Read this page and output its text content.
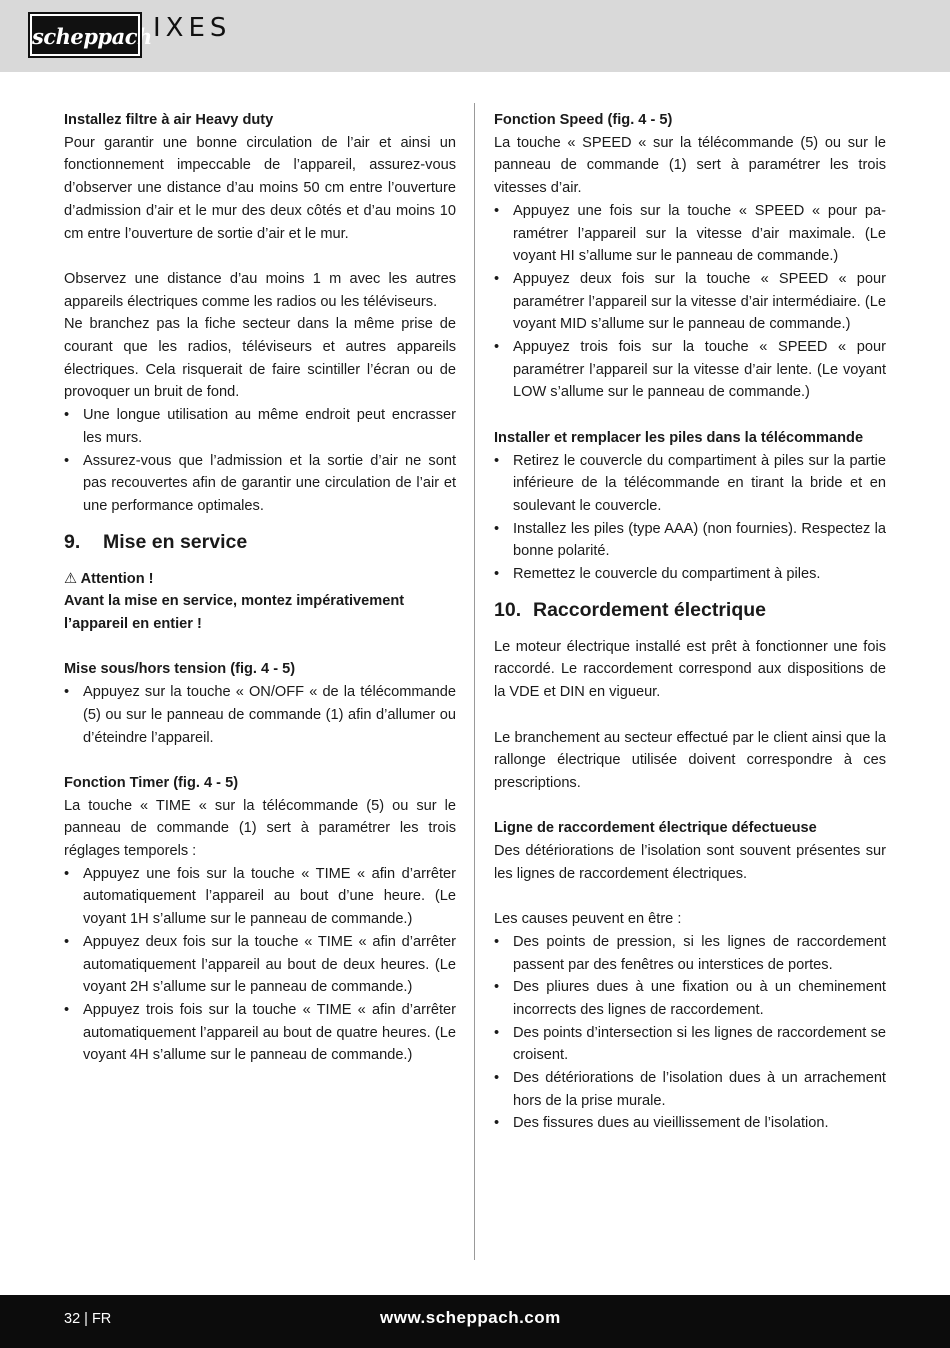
scheppach IXES

Installez filtre à air Heavy duty

Pour garantir une bonne circulation de l’air et ainsi un fonctionnement impeccable de l’appareil, assurez-vous d’observer une distance d’au moins 50 cm entre l’ouverture d’admission d’air et le mur des deux côtés et d’au moins 10 cm entre l’ouverture de sortie d’air et le mur.

Observez une distance d’au moins 1 m avec les autres appareils électriques comme les radios ou les téléviseurs.

Ne branchez pas la fiche secteur dans la même prise de courant que les radios, téléviseurs et autres appareils électriques. Cela risquerait de faire scintiller l’écran ou de provoquer un bruit de fond.

• Une longue utilisation au même endroit peut encrasser les murs.
• Assurez-vous que l’admission et la sortie d’air ne sont pas recouvertes afin de garantir une circulation de l’air et une performance optimales.
9. Mise en service

⚠ Attention !

Avant la mise en service, montez impérativement l’appareil en entier !

Mise sous/hors tension (fig. 4 - 5)

• Appuyez sur la touche « ON/OFF « de la télécommande (5) ou sur le panneau de commande (1) afin d’allumer ou d’éteindre l’appareil.

Fonction Timer (fig. 4 - 5)

La touche « TIME « sur la télécommande (5) ou sur le panneau de commande (1) sert à paramétrer les trois réglages temporels :

• Appuyez une fois sur la touche « TIME « afin d’arrêter automatiquement l’appareil au bout d’une heure. (Le voyant 1H s’allume sur le panneau de commande.)
• Appuyez deux fois sur la touche « TIME « afin d’arrêter automatiquement l’appareil au bout de deux heures. (Le voyant 2H s’allume sur le panneau de commande.)
• Appuyez trois fois sur la touche « TIME « afin d’arrêter automatiquement l’appareil au bout de quatre heures. (Le voyant 4H s’allume sur le panneau de commande.)

Fonction Speed (fig. 4 - 5)

La touche « SPEED « sur la télécommande (5) ou sur le panneau de commande (1) sert à paramétrer les trois vitesses d’air.

• Appuyez une fois sur la touche « SPEED « pour paramétrer l’appareil sur la vitesse d’air maximale. (Le voyant HI s’allume sur le panneau de commande.)
• Appuyez deux fois sur la touche « SPEED « pour paramétrer l’appareil sur la vitesse d’air intermédiaire. (Le voyant MID s’allume sur le panneau de commande.)
• Appuyez trois fois sur la touche « SPEED « pour paramétrer l’appareil sur la vitesse d’air lente. (Le voyant LOW s’allume sur le panneau de commande.)

Installer et remplacer les piles dans la télécommande

• Retirez le couvercle du compartiment à piles sur la partie inférieure de la télécommande en tirant la bride et en soulevant le couvercle.
• Installez les piles (type AAA) (non fournies). Respectez la bonne polarité.
• Remettez le couvercle du compartiment à piles.
10. Raccordement électrique

Le moteur électrique installé est prêt à fonctionner une fois raccordé. Le raccordement correspond aux dispositions de la VDE et DIN en vigueur.

Le branchement au secteur effectué par le client ainsi que la rallonge électrique utilisée doivent correspondre à ces prescriptions.

Ligne de raccordement électrique défectueuse

Des détériorations de l’isolation sont souvent présentes sur les lignes de raccordement électriques.

Les causes peuvent en être :

• Des points de pression, si les lignes de raccordement passent par des fenêtres ou interstices de portes.
• Des pliures dues à une fixation ou à un cheminement incorrects des lignes de raccordement.
• Des points d’intersection si les lignes de raccordement se croisent.
• Des détériorations de l’isolation dues à un arrachement hors de la prise murale.
• Des fissures dues au vieillissement de l’isolation.
32 | FR	www.scheppach.com
